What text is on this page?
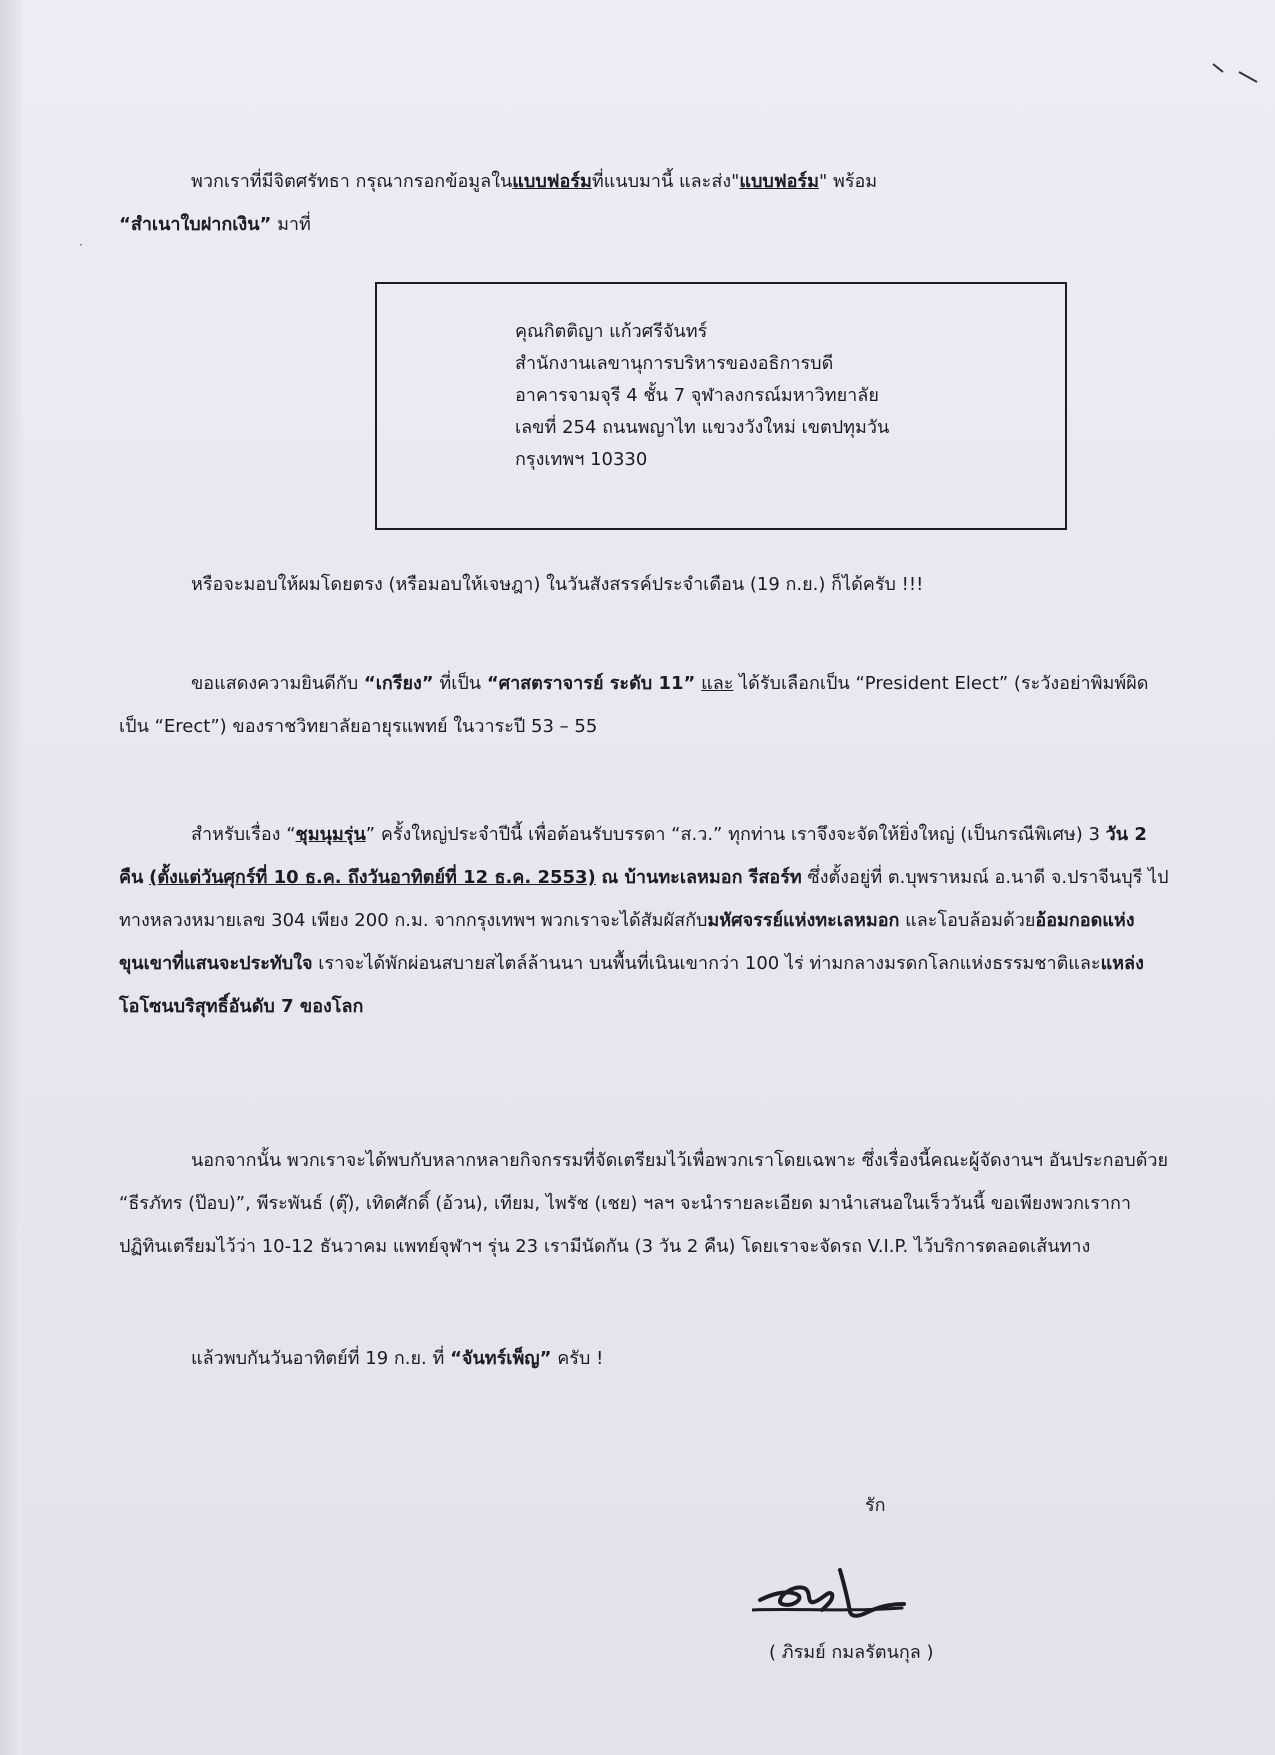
·
พวกเราที่มีจิตศรัทธา กรุณากรอกข้อมูลในแบบฟอร์มที่แนบมานี้ และส่ง"แบบฟอร์ม" พร้อม
“สำเนาใบฝากเงิน” มาที่
คุณกิตติญา แก้วศรีจันทร์
สำนักงานเลขานุการบริหารของอธิการบดี
อาคารจามจุรี 4 ชั้น 7 จุฬาลงกรณ์มหาวิทยาลัย
เลขที่ 254 ถนนพญาไท แขวงวังใหม่ เขตปทุมวัน
กรุงเทพฯ 10330
หรือจะมอบให้ผมโดยตรง (หรือมอบให้เจษฎา) ในวันสังสรรค์ประจำเดือน (19 ก.ย.) ก็ได้ครับ !!!
ขอแสดงความยินดีกับ “เกรียง” ที่เป็น “ศาสตราจารย์ ระดับ 11” และ ได้รับเลือกเป็น “President Elect” (ระวังอย่าพิมพ์ผิดเป็น “Erect”) ของราชวิทยาลัยอายุรแพทย์ ในวาระปี 53 – 55
สำหรับเรื่อง “ชุมนุมรุ่น” ครั้งใหญ่ประจำปีนี้ เพื่อต้อนรับบรรดา “ส.ว.” ทุกท่าน เราจึงจะจัดให้ยิ่งใหญ่ (เป็นกรณีพิเศษ) 3 วัน 2 คืน (ตั้งแต่วันศุกร์ที่ 10 ธ.ค. ถึงวันอาทิตย์ที่ 12 ธ.ค. 2553) ณ บ้านทะเลหมอก รีสอร์ท ซึ่งตั้งอยู่ที่ ต.บุพราหมณ์ อ.นาดี จ.ปราจีนบุรี ไปทางหลวงหมายเลข 304 เพียง 200 ก.ม. จากกรุงเทพฯ พวกเราจะได้สัมผัสกับมหัศจรรย์แห่งทะเลหมอก และโอบล้อมด้วยอ้อมกอดแห่งขุนเขาที่แสนจะประทับใจ เราจะได้พักผ่อนสบายสไตล์ล้านนา บนพื้นที่เนินเขากว่า 100 ไร่ ท่ามกลางมรดกโลกแห่งธรรมชาติและแหล่งโอโซนบริสุทธิ์อันดับ 7 ของโลก
นอกจากนั้น พวกเราจะได้พบกับหลากหลายกิจกรรมที่จัดเตรียมไว้เพื่อพวกเราโดยเฉพาะ ซึ่งเรื่องนี้คณะผู้จัดงานฯ อันประกอบด้วย “ธีรภัทร (ป๊อบ)”, พีระพันธ์ (ตุ๊), เทิดศักดิ์ (อ้วน), เทียม, ไพรัช (เชย) ฯลฯ จะนำรายละเอียด มานำเสนอในเร็ววันนี้ ขอเพียงพวกเรากาปฏิทินเตรียมไว้ว่า 10-12 ธันวาคม แพทย์จุฬาฯ รุ่น 23 เรามีนัดกัน (3 วัน 2 คืน) โดยเราจะจัดรถ V.I.P. ไว้บริการตลอดเส้นทาง
แล้วพบกันวันอาทิตย์ที่ 19 ก.ย. ที่ “จันทร์เพ็ญ” ครับ !
รัก
( ภิรมย์ กมลรัตนกุล )
